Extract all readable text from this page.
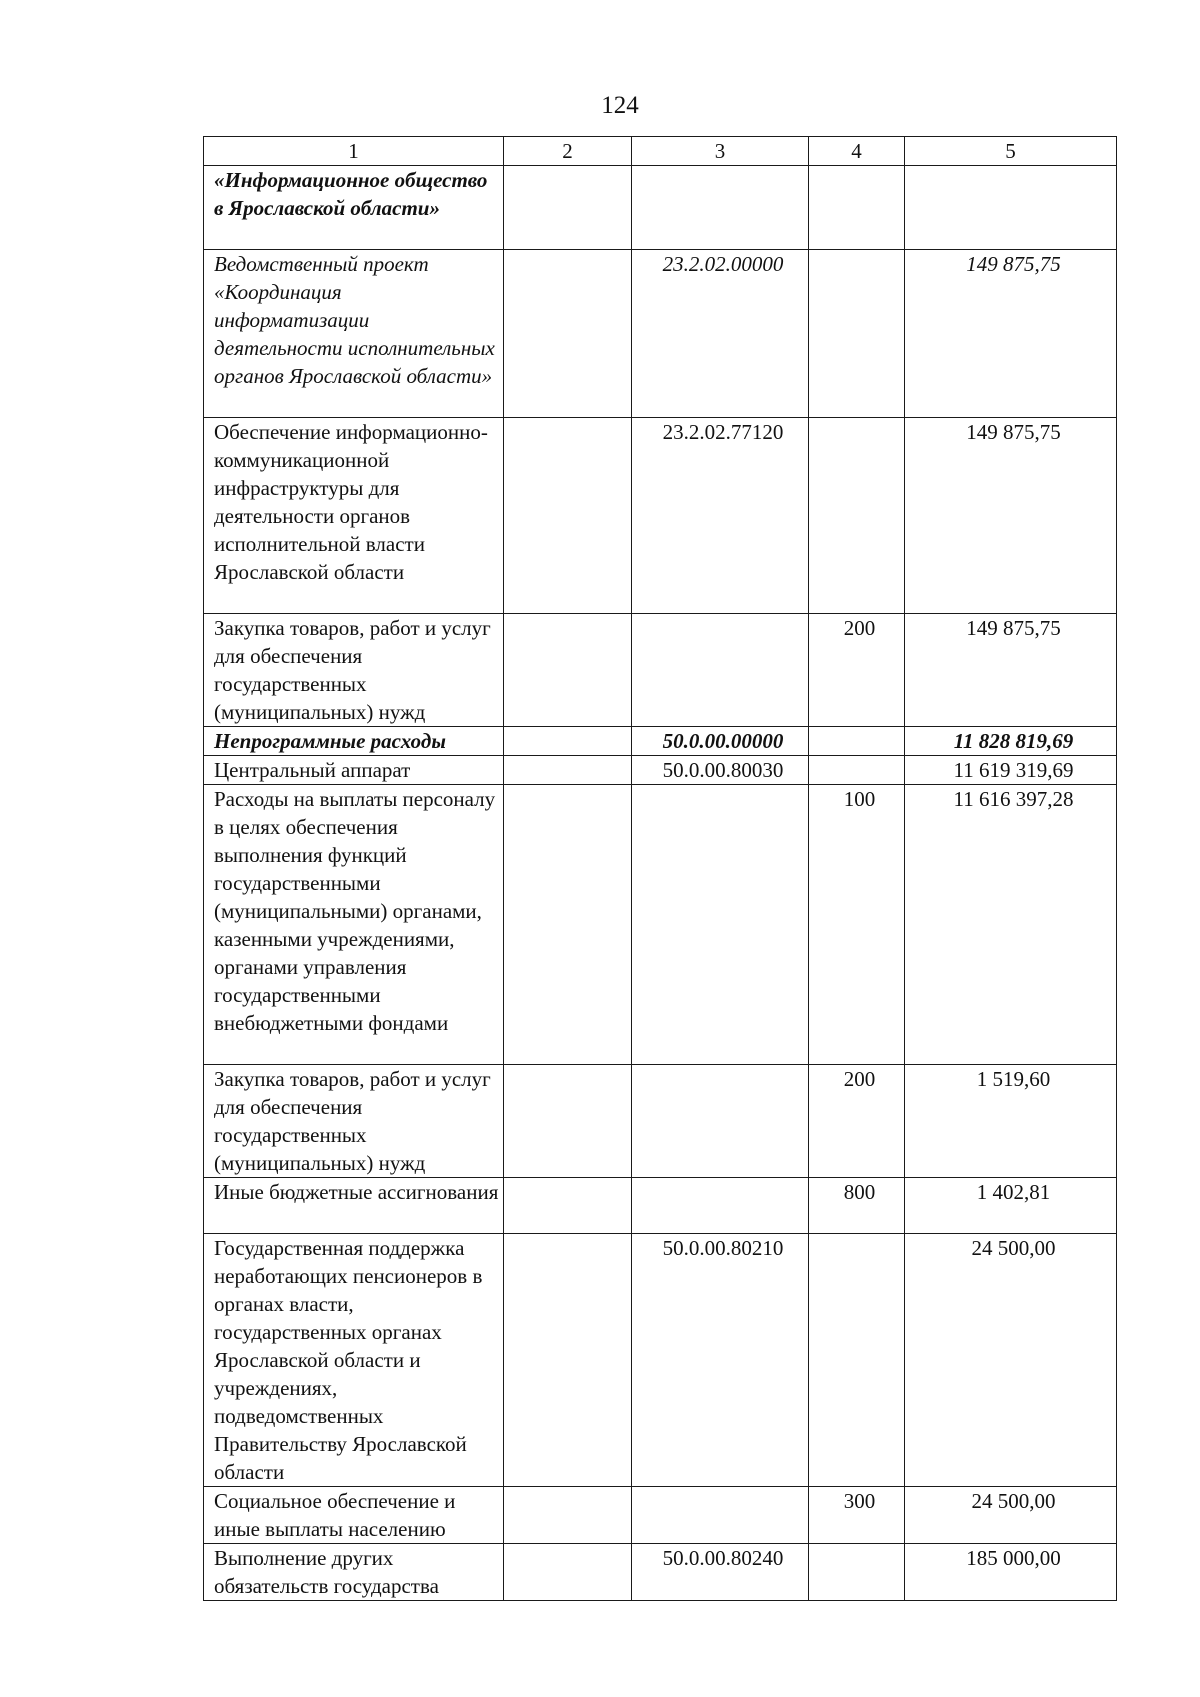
124
1	2	3	4	5
«Информационное общество в Ярославской области»				
Ведомственный проект «Координация информатизации деятельности исполнительных органов Ярославской области»		23.2.02.00000		149 875,75
Обеспечение информационно-коммуникационной инфраструктуры для деятельности органов исполнительной власти Ярославской области		23.2.02.77120		149 875,75
Закупка товаров, работ и услуг для обеспечения государственных (муниципальных) нужд			200	149 875,75
Непрограммные расходы		50.0.00.00000		11 828 819,69
Центральный аппарат		50.0.00.80030		11 619 319,69
Расходы на выплаты персоналу в целях обеспечения выполнения функций государственными (муниципальными) органами, казенными учреждениями, органами управления государственными внебюджетными фондами			100	11 616 397,28
Закупка товаров, работ и услуг для обеспечения государственных (муниципальных) нужд			200	1 519,60
Иные бюджетные ассигнования			800	1 402,81
Государственная поддержка неработающих пенсионеров в органах власти, государственных органах Ярославской области и учреждениях, подведомственных Правительству Ярославской области		50.0.00.80210		24 500,00
Социальное обеспечение и иные выплаты населению			300	24 500,00
Выполнение других обязательств государства		50.0.00.80240		185 000,00
